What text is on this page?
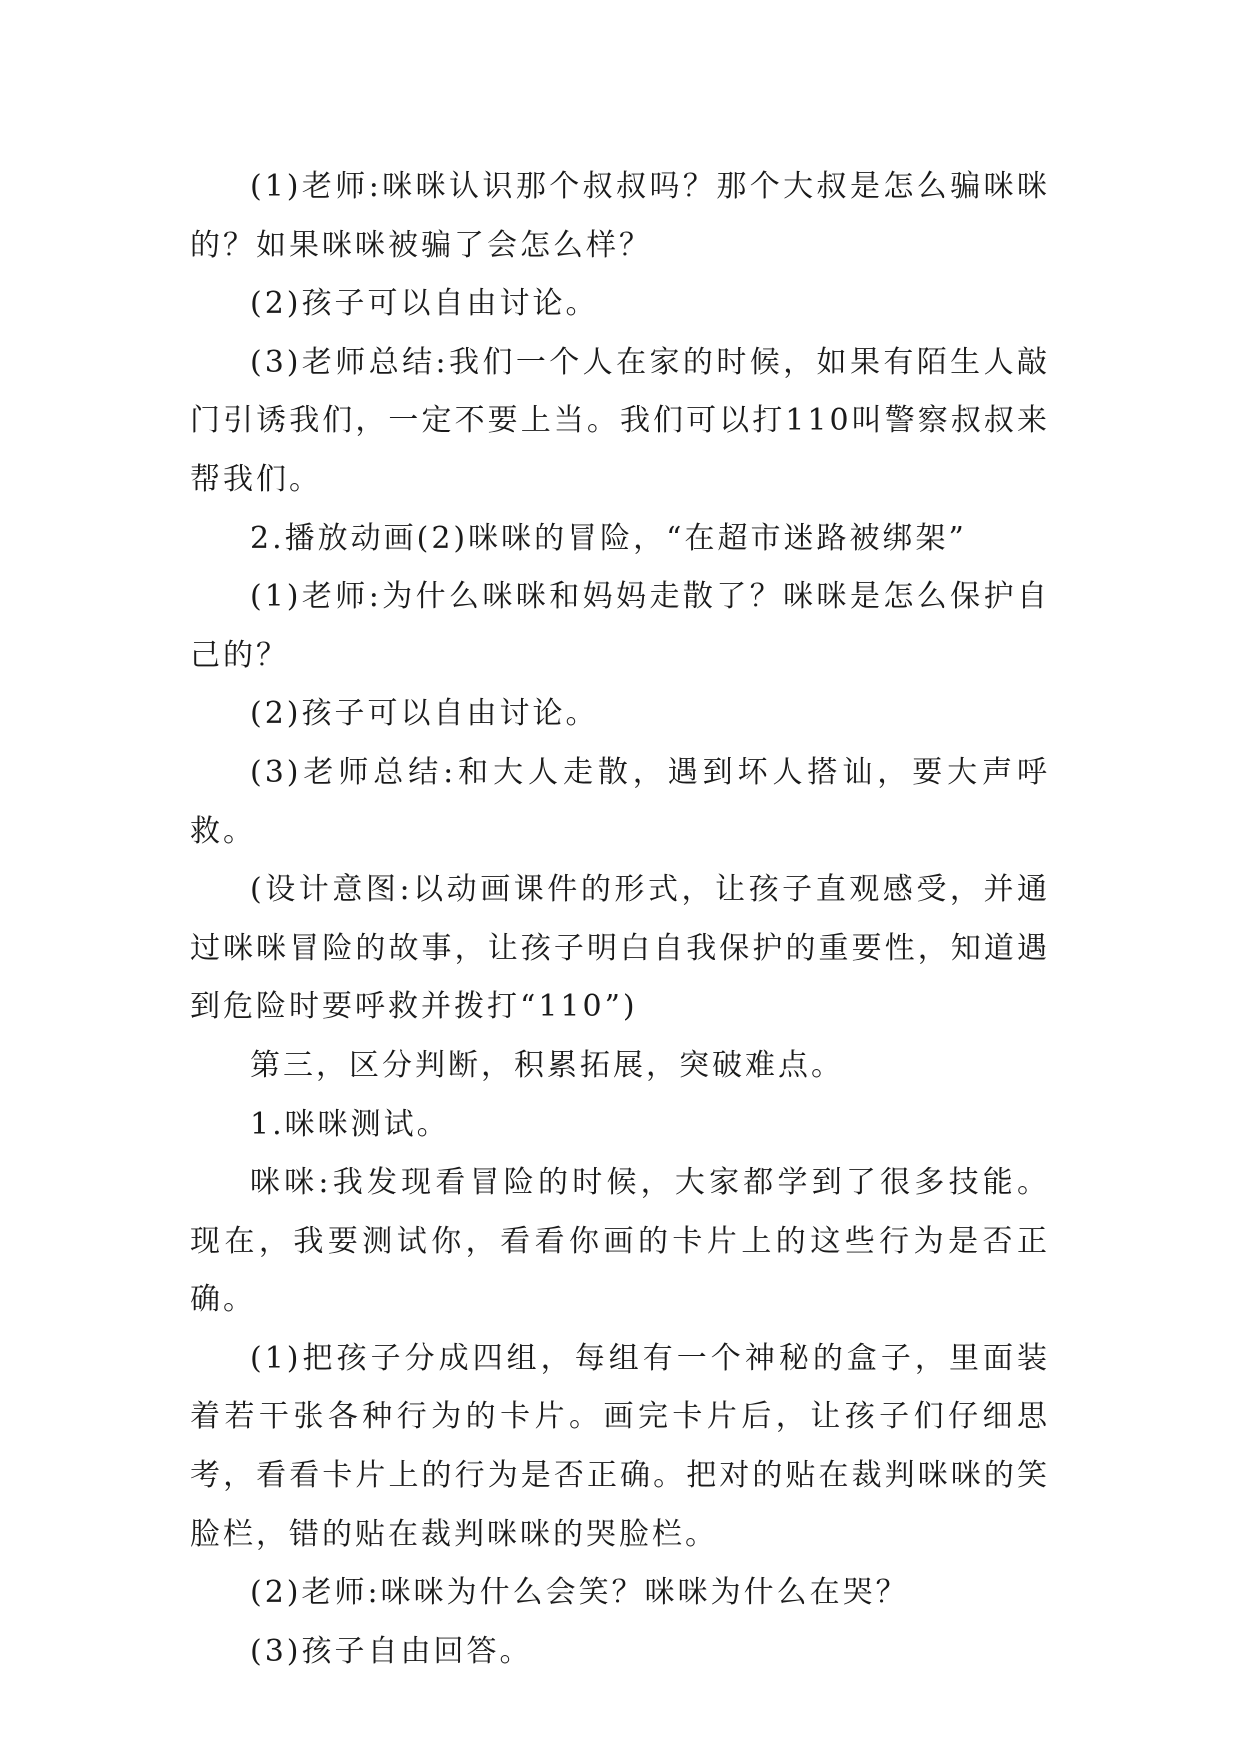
(1)老师:咪咪认识那个叔叔吗？那个大叔是怎么骗咪咪的？如果咪咪被骗了会怎么样？

(2)孩子可以自由讨论。

(3)老师总结:我们一个人在家的时候，如果有陌生人敲门引诱我们，一定不要上当。我们可以打110叫警察叔叔来帮我们。

2.播放动画(2)咪咪的冒险，“在超市迷路被绑架”

(1)老师:为什么咪咪和妈妈走散了？咪咪是怎么保护自己的？

(2)孩子可以自由讨论。

(3)老师总结:和大人走散，遇到坏人搭讪，要大声呼救。

(设计意图:以动画课件的形式，让孩子直观感受，并通过咪咪冒险的故事，让孩子明白自我保护的重要性，知道遇到危险时要呼救并拨打“110”)

第三，区分判断，积累拓展，突破难点。

1.咪咪测试。

咪咪:我发现看冒险的时候，大家都学到了很多技能。现在，我要测试你，看看你画的卡片上的这些行为是否正确。

(1)把孩子分成四组，每组有一个神秘的盒子，里面装着若干张各种行为的卡片。画完卡片后，让孩子们仔细思考，看看卡片上的行为是否正确。把对的贴在裁判咪咪的笑脸栏，错的贴在裁判咪咪的哭脸栏。

(2)老师:咪咪为什么会笑？咪咪为什么在哭？

(3)孩子自由回答。
